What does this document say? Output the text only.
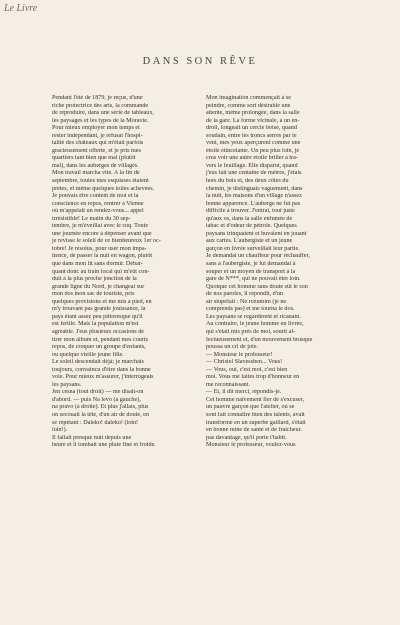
Le Livre
DANS SON RÊVE
Pendant l'été de 1879, je reçus, d'une
riche protectrice des arts, la commande
de reproduire, dans une série de tableaux,
les paysages et les types de la Moravie.
Pour mieux employer mon temps et
rester indépendant, je refusai l'hospi-
talité des châteaux qui m'était parfois
gracieusement offerte, et je pris mes
quartiers tant bien que mal (plutôt
mal), dans les auberges de villages.
Mon travail marcha vite. A la fin de
septembre, toutes mes esquisses étaient
prêtes, et même quelques toiles achevées.
Je pouvais être content de moi et la
conscience en repos, rentrer à Vienne
où m'appelait un rendez-vous... appel
irrésistible! Le matin du 30 sep-
tembre, je m'éveillai avec le coq. Toute
une journée encore à dépenser avant que
je revisse le soleil de ce bienheureux 1er oc-
tobre! Je résolus, pour user mon impa-
tience, de passer la nuit en wagon, plutôt
que dans mon lit sans dormir. Débar-
quant donc au train local qui m'eût con-
duit à la plus proche jonction de la
grande ligne du Nord, je changeai sur
mon dos mon sac de touriste, pris
quelques provisions et me mis à pied, en
m'y trouvant pas grande jouissance, la
pays étant assez peu pittoresque qu'il
est fertile. Mais la population m'est
agréable. J'eus plusieurs occasions de
tirer mon album et, pendant mes courts
repos, de croquer un groupe d'enfants,
ou quelque vieille jeune fille.
Le soleil descendait déjà; je marchais
toujours, convaincu d'être dans la bonne
voie. Pour mieux m'assurer, j'interrogeais
les paysans.
Jen cesna (tout droit) — me disait-on
d'abord. — puis Na levo (à gauche),
na pravo (à droite). Et plus j'allais, plus
on secouait la tête, d'un air de doute, en
se répétant : Daleko! daleko! (loin!
loin!).
Il fallait presque nuit depuis une
heure et il tombait une pluie fine et froide.
Mon imagination commençait à se
peindre, comme sort désirable une
attente, même prolongée, dans la salle
de la gare. La forme vicinale, à un en-
droit, longeait un cercle boisé, quand
soudain, entre les troncs serrés par le
vent, mes yeux aperçurent comme une
étoile étincelante. Un peu plus loin, je
crus voir une autre étoile briller à tra-
vers le feuillage. Elle disparut, quand
j'eus fait une centaine de mètres, j'étais
hors du bois et, des deux côtés du
chemin, je distinguais vaguement, dans
la nuit, les maisons d'un village n'assez
bonne apparence. L'auberge ne fut pas
difficile à trouver. J'entrai, tout juste
qu'aux os, dans la salle enfumée de
tabac et d'odeur de pétrole. Quelques
paysans trinquaient et buvaient en jouant
aux cartes. L'aubergiste et un jeune
garçon en livrée surveillait leur partie.
Je demandai un chauffeur pour réchauffer,
sans à l'aubergiste, je lui demandai à
souper et un moyen de transport à la
gare de N***, qui ne pouvait être loin.
Quoique cet homme sans doute sût le son
de nos paroles, il répondit, d'un
air stupéfait : Ne rozumím (je ne
comprends pas) et me tourna le dos.
Les paysans se regardèrent et ricanant.
Au contraire, le jeune homme en livrée,
qui s'était mis près de moi, sourit af-
fectueusement et, d'un mouvement brusque
poussa un cri de joie.
— Monsieur le professeur!
— Christel Slavesshen... Vous!
— Vous, oui, c'est moi, c'est bien
moi. Vous me faites trop d'honneur en
me reconnaissant.
— Et, il dit merci, répondis-je.
Cet homme naïvement fier de s'excuser,
un pauvre garçon que l'atelier, où se
sont fait connaître bien des talents, avait
transformé en un superbe gaillard, s'était
en bonne mine de santé et de fraîcheur.
pas davantage, qu'il porte l'habit.
Monsieur le professeur, voulez-vous
